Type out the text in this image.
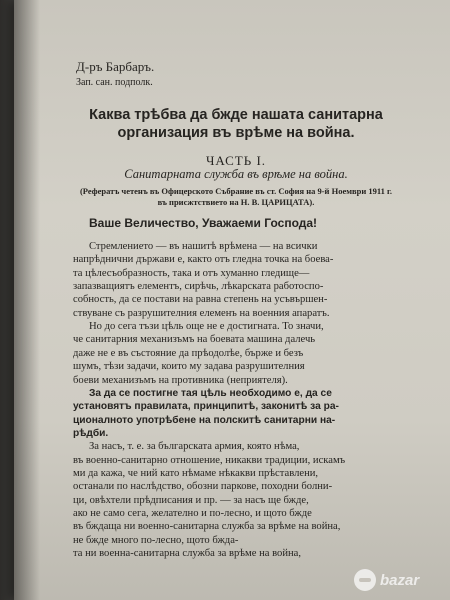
Д-ръ Барбаръ.
Зап. сан. подполк.
Каква трѣбва да бжде нашата санитарна
организация въ врѣме на война.
ЧАСТЬ I.
Санитарната служба въ врѣме на война.
(Рефератъ четенъ въ Офицерското Събрание въ ст. София на 9-й Ноември 1911 г.
въ присжтствието на Н. В. ЦАРИЦАТА).
Ваше Величество, Уважаеми Господа!
Стремлението — въ нашитѣ врѣмена — на всички
напрѣднични държави е, както отъ гледна точка на боева-
та цѣлесъобразность, така и отъ хуманно гледище—
запазващиятъ елементъ, сирѣчь, лѣкарската работоспо-
собность, да се постави на равна степень на усъвършен-
ствуване съ разрушителния елеменъ на военния апаратъ.
Но до сега тъзи цѣль още не е достигната. То значи,
че санитарния механизъмъ на боевата машина далечь
даже не е въ състояние да прѣодолѣе, бърже и безъ
шумъ, тѣзи задачи, които му задава разрушителния
боеви механизъмъ на противника (неприятеля).
За да се постигне тая цѣль необходимо е, да се
установятъ правилата, принципитѣ, законитѣ за ра-
ционалното употрѣбене на полскитѣ санитарни на-
рѣдби.
За насъ, т. е. за българската армия, която нѣма,
въ военно-санитарно отношение, никакви традиции, искамъ
ми да кажа, че ний като нѣмаме нѣкакви прѣставлени,
останали по наслѣдство, обозни паркове, походни болни-
ци, овѣхтели прѣдписания и пр. — за насъ ще бжде,
ако не само сега, желателно и по-лесно, и щото бжде
въ бждаща ни военно-санитарна служба за врѣме на война,
не бжде много по-лесно, щото бжда-
та ни военна-санитарна служба за врѣме на война,
bazar
